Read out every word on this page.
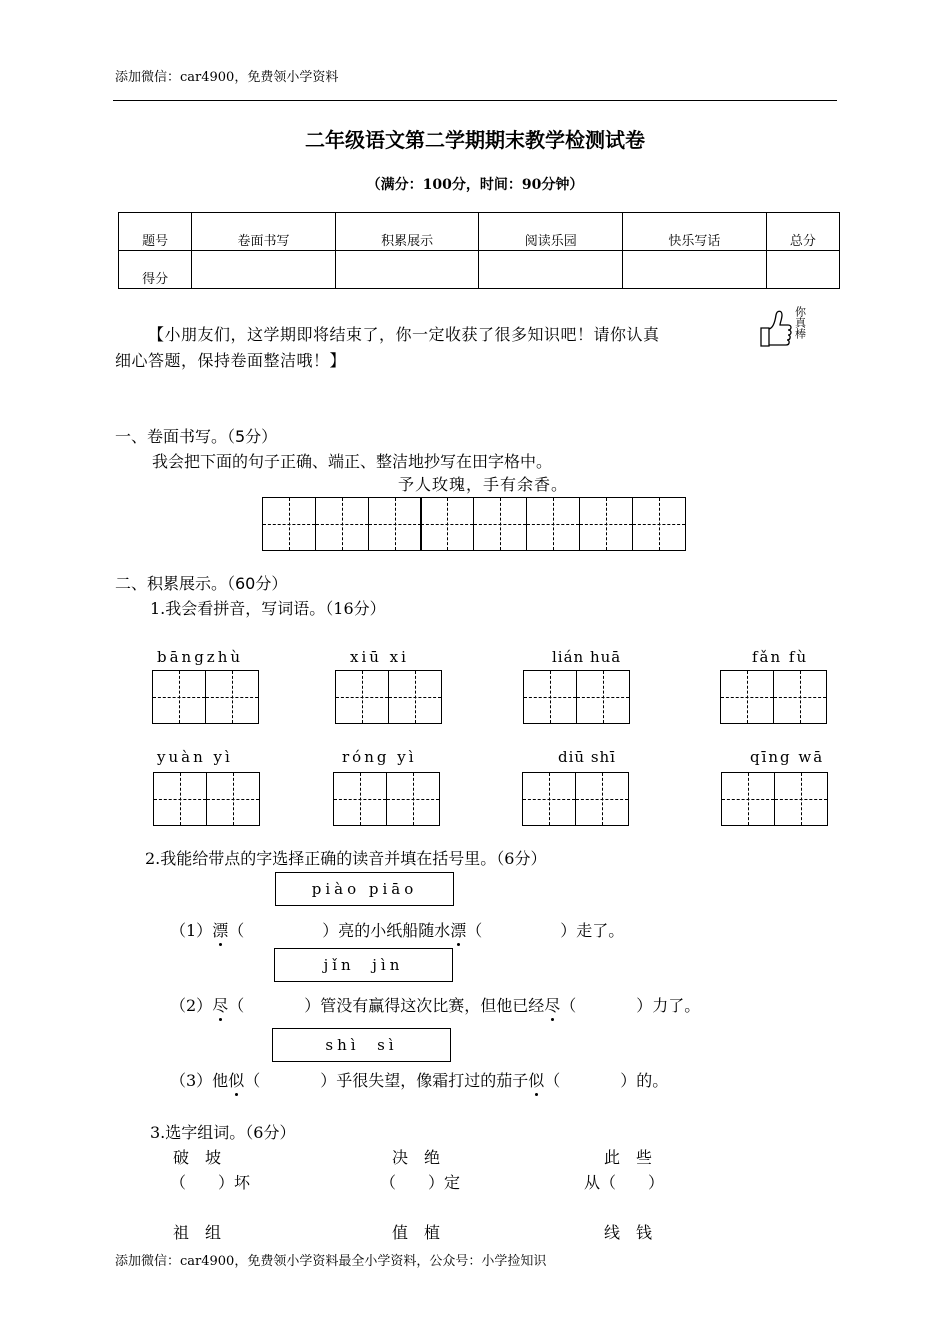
添加微信：car4900，免费领小学资料
二年级语文第二学期期末教学检测试卷
（满分：100分，时间：90分钟）
题号	卷面书写	积累展示	阅读乐园	快乐写话	总分
得分					

【小朋友们，这学期即将结束了，你一定收获了很多知识吧！请你认真

细心答题，保持卷面整洁哦！】

你真棒
一、卷面书写。（5分）
我会把下面的句子正确、端正、整洁地抄写在田字格中。
予人玫瑰，手有余香。
二、积累展示。（60分）
1.我会看拼音，写词语。（16分）
bāngzhù	xiū xi	lián huā	fǎn fù
yuàn yì	róng yì	diū shī	qīng wā
2.我能给带点的字选择正确的读音并填在括号里。（6分）
piào piāo
（1）漂（	）亮的小纸船随水漂（	）走了。
jǐn  jìn
（2）尽（	）管没有赢得这次比赛，但他已经尽（	）力了。
shì  sì
（3）他似（	）乎很失望，像霜打过的茄子似（	）的。
3.选字组词。（6分）
破　坡	决　绝	此　些
（　　）坏	（　　）定	从（　　）
祖　组	值　植	线　钱
添加微信：car4900，免费领小学资料最全小学资料，公众号：小学捡知识
